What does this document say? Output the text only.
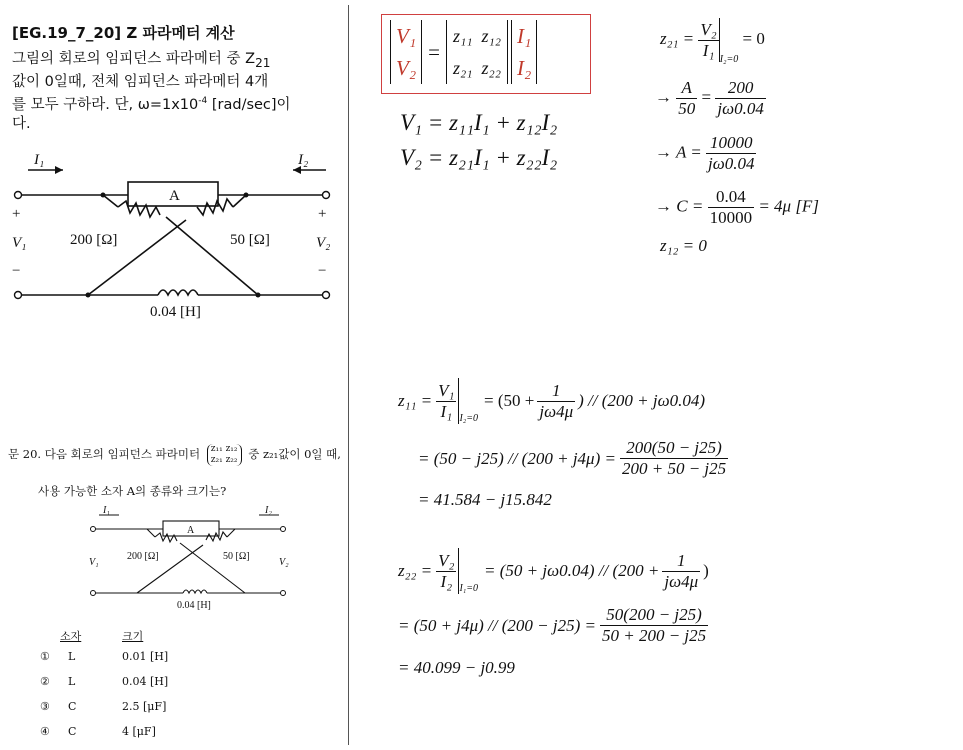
[EG.19_7_20] Z 파라메터 계산
그림의 회로의 임피던스 파라메터 중 $Z_{21}$
값이 0일때, 전체 임피던스 파라메터 4개
를 모두 구하라. 단, $\omega=1x10^{-4}$ [rad/sec]이
다.
A
200 [Ω]	50 [Ω]
0.04 [H]
I₁	I₂
+
V₁
−
+
V₂
−
문 20. 다음 회로의 임피던스 파라미터 z₁₁ z₁₂
z₂₁ z₂₂ 중 z₂₁값이 0일 때,
사용 가능한 소자 A의 종류와 크기는?
A
200 [Ω]	50 [Ω]
0.04 [H]
I₁	I₂
V₁	V₂
소자	크기
①	L	0.01 [H]
②	L	0.04 [H]
③	C	2.5 [μF]
④	C	4 [μF]
V₁
V₂
=
z₁₁ z₁₂
z₂₁ z₂₂
I₁
I₂
V₁ = z₁₁I₁ + z₁₂I₂
V₂ = z₂₁I₁ + z₂₂I₂
$z_{21} = \frac{\text{V₂}}{\text{I₁}} _{I_2=0} = 0$
→ $\frac{A}{50} = \frac{200}{j\omega 0.04}$
→ $A = \frac{10000}{j\omega 0.04}$
→ $C = \frac{0.04}{10000} = 4\mu$ [F]
z₁₂ = 0
$z_{11} = \frac{\text{V₁}}{\text{I₁}} I_2=0$
= ($50 + \frac{1}{j\omega 4\mu}$ ) // (200 + jω0.04)
= $(50 - j25) // (200 + j4\mu) = \frac{200(50 - j25)}{200 + 50 - j25}$
= 41.584 − j15.842
$z_{22} = \frac{\text{V₂}}{\text{I₂}} I_1=0$
= $(50 + j\omega 0.04) // (200 + \frac{1}{j\omega 4\mu}$ )
= $(50 + j4\mu) // (200 - j25) = \frac{50(200 - j25)}{50 + 200 - j25}$
= 40.099 − j0.99
